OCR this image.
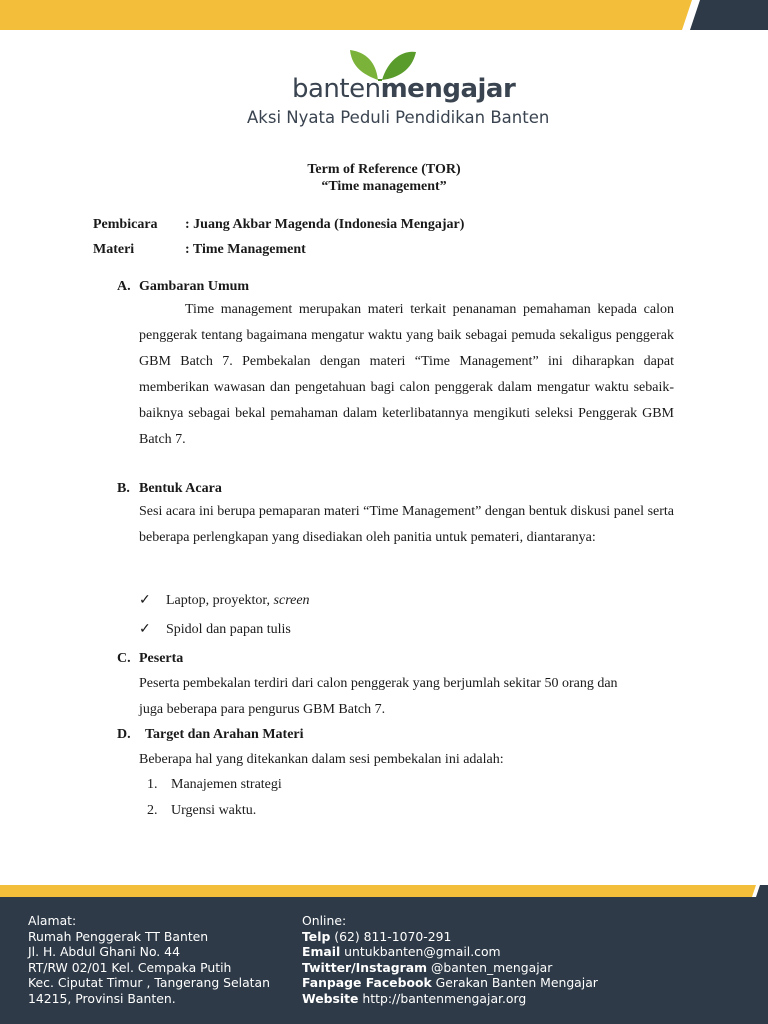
bantenmengajar
Aksi Nyata Peduli Pendidikan Banten
Term of Reference (TOR)
“Time management”
Pembicara : Juang Akbar Magenda (Indonesia Mengajar)
Materi	: Time Management
A. Gambaran Umum
Time management merupakan materi terkait penanaman pemahaman kepada calon penggerak tentang bagaimana mengatur waktu yang baik sebagai pemuda sekaligus penggerak GBM Batch 7. Pembekalan dengan materi “Time Management” ini diharapkan dapat memberikan wawasan dan pengetahuan bagi calon penggerak dalam mengatur waktu sebaik-baiknya sebagai bekal pemahaman dalam keterlibatannya mengikuti seleksi Penggerak GBM Batch 7.
B. Bentuk Acara
Sesi acara ini berupa pemaparan materi “Time Management” dengan bentuk diskusi panel serta beberapa perlengkapan yang disediakan oleh panitia untuk pemateri, diantaranya:
✓ Laptop, proyektor, screen
✓ Spidol dan papan tulis
C. Peserta
Peserta pembekalan terdiri dari calon penggerak yang berjumlah sekitar 50 orang dan
juga beberapa para pengurus GBM Batch 7.
D. Target dan Arahan Materi
Beberapa hal yang ditekankan dalam sesi pembekalan ini adalah:
1. Manajemen strategi
2. Urgensi waktu.
Alamat:
Rumah Penggerak TT Banten
Jl. H. Abdul Ghani No. 44
RT/RW 02/01 Kel. Cempaka Putih
Kec. Ciputat Timur , Tangerang Selatan
14215, Provinsi Banten.
Online:
Telp (62) 811-1070-291
Email untukbanten@gmail.com
Twitter/Instagram @banten_mengajar
Fanpage Facebook Gerakan Banten Mengajar
Website http://bantenmengajar.org
